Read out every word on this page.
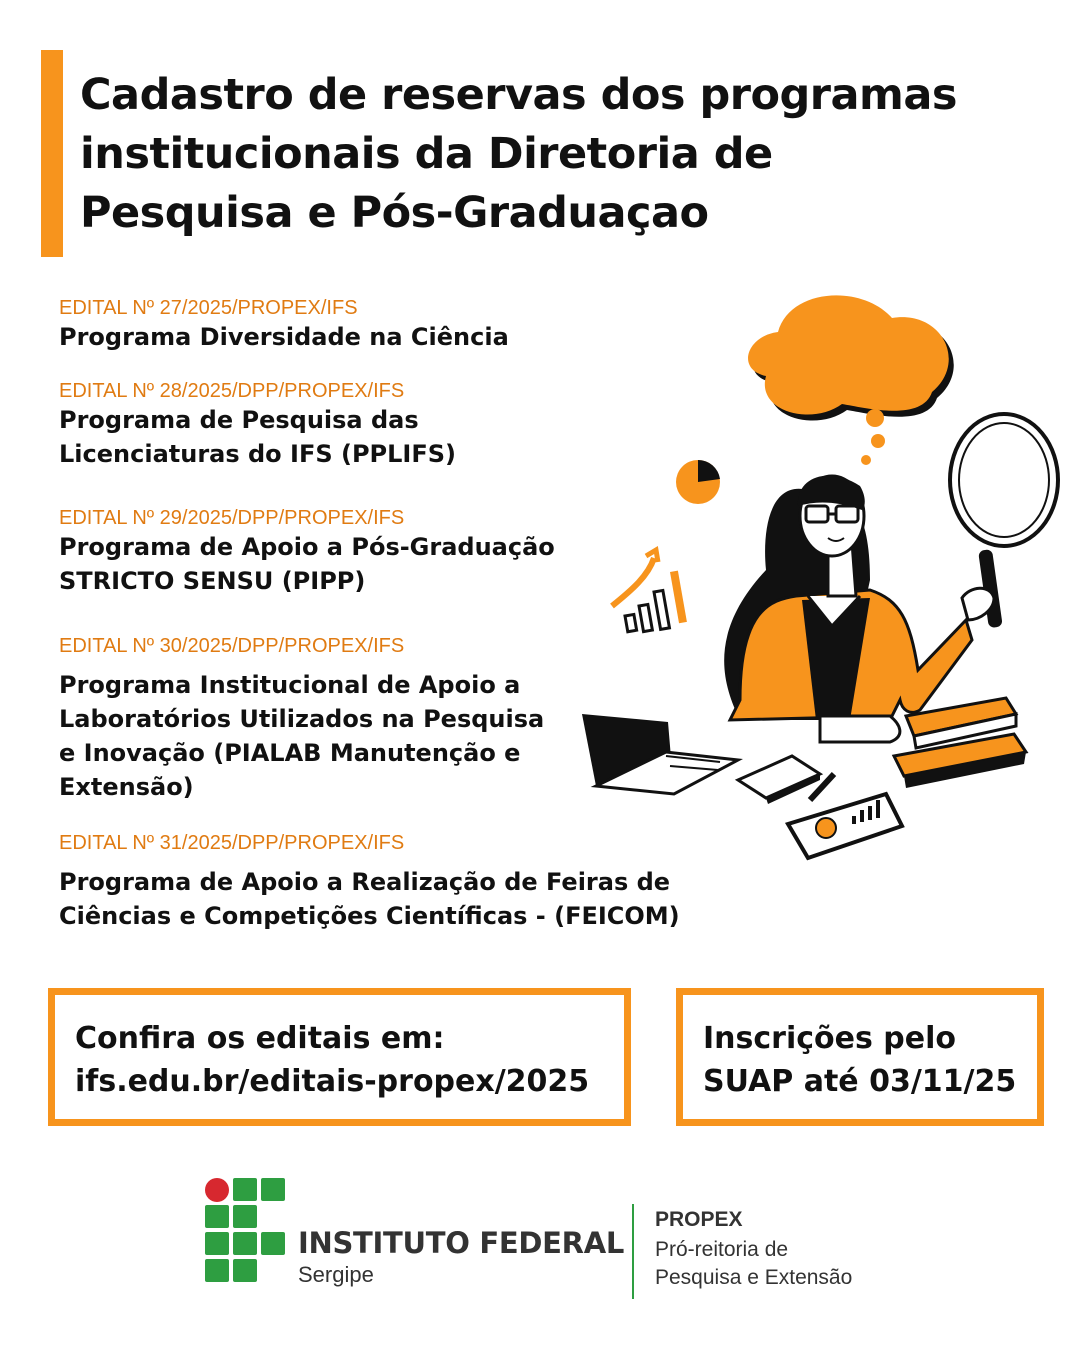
Cadastro de reservas dos programas
institucionais da Diretoria de
Pesquisa e Pós-Graduaçao
EDITAL Nº 27/2025/PROPEX/IFS
Programa Diversidade na Ciência
EDITAL Nº 28/2025/DPP/PROPEX/IFS
Programa de Pesquisa das
Licenciaturas do IFS (PPLIFS)
EDITAL Nº 29/2025/DPP/PROPEX/IFS
Programa de Apoio a Pós-Graduação
STRICTO SENSU (PIPP)
EDITAL Nº 30/2025/DPP/PROPEX/IFS
Programa Institucional de Apoio a
Laboratórios Utilizados na Pesquisa
e Inovação (PIALAB Manutenção e
Extensão)
EDITAL Nº 31/2025/DPP/PROPEX/IFS
Programa de Apoio a Realização de Feiras de
Ciências e Competições Científicas - (FEICOM)
Confira os editais em:
ifs.edu.br/editais-propex/2025
Inscrições pelo
SUAP até 03/11/25
INSTITUTO FEDERAL
Sergipe
PROPEX
Pró-reitoria de
Pesquisa e Extensão
